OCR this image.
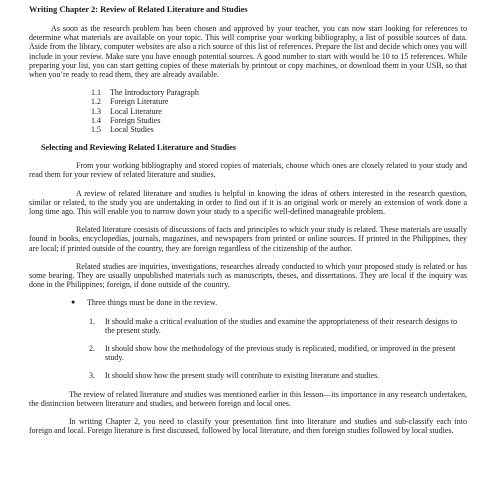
Writing Chapter 2: Review of Related Literature and Studies

As soon as the research problem has been chosen and approved by your teacher, you can now start looking for references to determine what materials are available on your topic. This will comprise your working bibliography, a list of possible sources of data. Aside from the library, computer websites are also a rich source of this list of references. Prepare the list and decide which ones you will include in your review. Make sure you have enough potential sources. A good number to start with would be 10 to 15 references. While preparing your list, you can start getting copies of these materials by printout or copy machines, or download them in your USB, so that when you’re ready to read them, they are already available.

1.1 The Introductory Paragraph
1.2 Foreign Literature
1.3 Local Literature
1.4 Foreign Studies
1.5 Local Studies
Selecting and Reviewing Related Literature and Studies

From your working bibliography and stored copies of materials, choose which ones are closely related to your study and read them for your review of related literature and studies.

A review of related literature and studies is helpful in knowing the ideas of others interested in the research question, similar or related, to the study you are undertaking in order to find out if it is an original work or merely an extension of work done a long time ago. This will enable you to narrow down your study to a specific well-defined manageable problem.

Related literature consists of discussions of facts and principles to which your study is related. These materials are usually found in books, encyclopedias, journals, magazines, and newspapers from printed or online sources. If printed in the Philippines, they are local; if printed outside of the country, they are foreign regardless of the citizenship of the author.

Related studies are inquiries, investigations, researches already conducted to which your proposed study is related or has some bearing. They are usually unpublished materials such as manuscripts, theses, and dissertations. They are local if the inquiry was done in the Philippines; foreign, if done outside of the country.

● Three things must be done in the review.
1. It should make a critical evaluation of the studies and examine the appropriateness of their research designs to the present study.
2. It should show how the methodology of the previous study is replicated, modified, or improved in the present study.
3. It should show how the present study will contribute to existing literature and studies.

The review of related literature and studies was mentioned earlier in this lesson—its importance in any research undertaken, the distinction between literature and studies, and between foreign and local ones.

In writing Chapter 2, you need to classify your presentation first into literature and studies and sub-classify each into foreign and local. Foreign literature is first discussed, followed by local literature, and then foreign studies followed by local studies.
